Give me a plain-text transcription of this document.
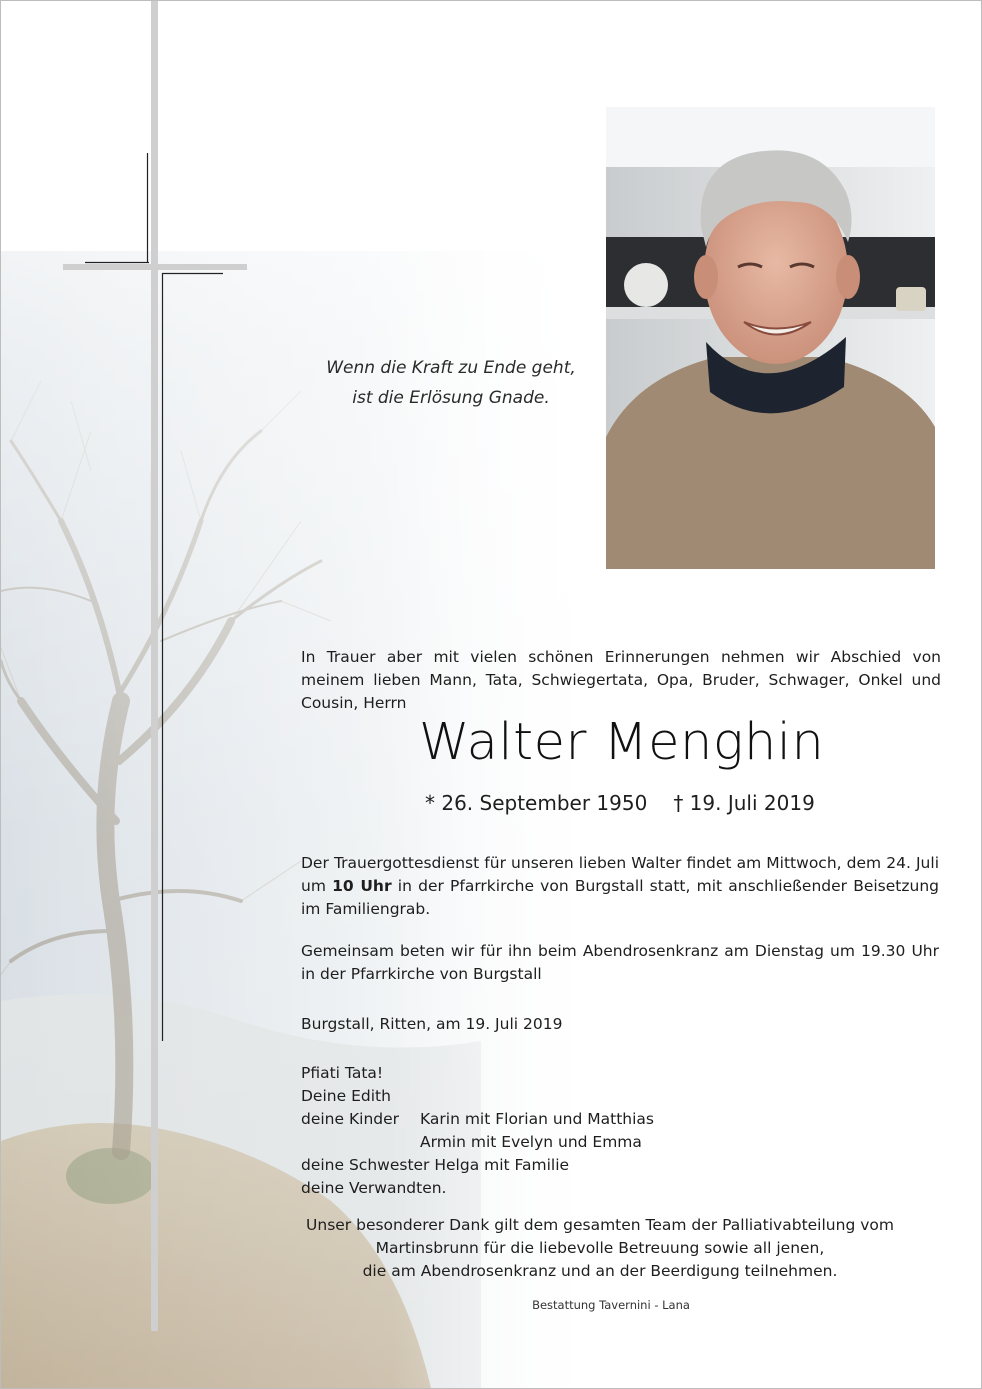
Wenn die Kraft zu Ende geht,
ist die Erlösung Gnade.
In Trauer aber mit vielen schönen Erinnerungen nehmen wir Abschied von meinem lieben Mann, Tata, Schwiegertata, Opa, Bruder, Schwager, Onkel und Cousin, Herrn
Walter Menghin
* 26. September 1950 † 19. Juli 2019
Der Trauergottesdienst für unseren lieben Walter findet am Mittwoch, dem 24. Juli um 10 Uhr in der Pfarrkirche von Burgstall statt, mit anschließender Beisetzung im Familiengrab.
Gemeinsam beten wir für ihn beim Abendrosenkranz am Dienstag um 19.30 Uhr in der Pfarrkirche von Burgstall
Burgstall, Ritten, am 19. Juli 2019
Pfiati Tata!
Deine Edith
deine Kinder Karin mit Florian und Matthias
Armin mit Evelyn und Emma
deine Schwester Helga mit Familie
deine Verwandten.
Unser besonderer Dank gilt dem gesamten Team der Palliativabteilung vom
Martinsbrunn für die liebevolle Betreuung sowie all jenen,
die am Abendrosenkranz und an der Beerdigung teilnehmen.
Bestattung Tavernini - Lana
